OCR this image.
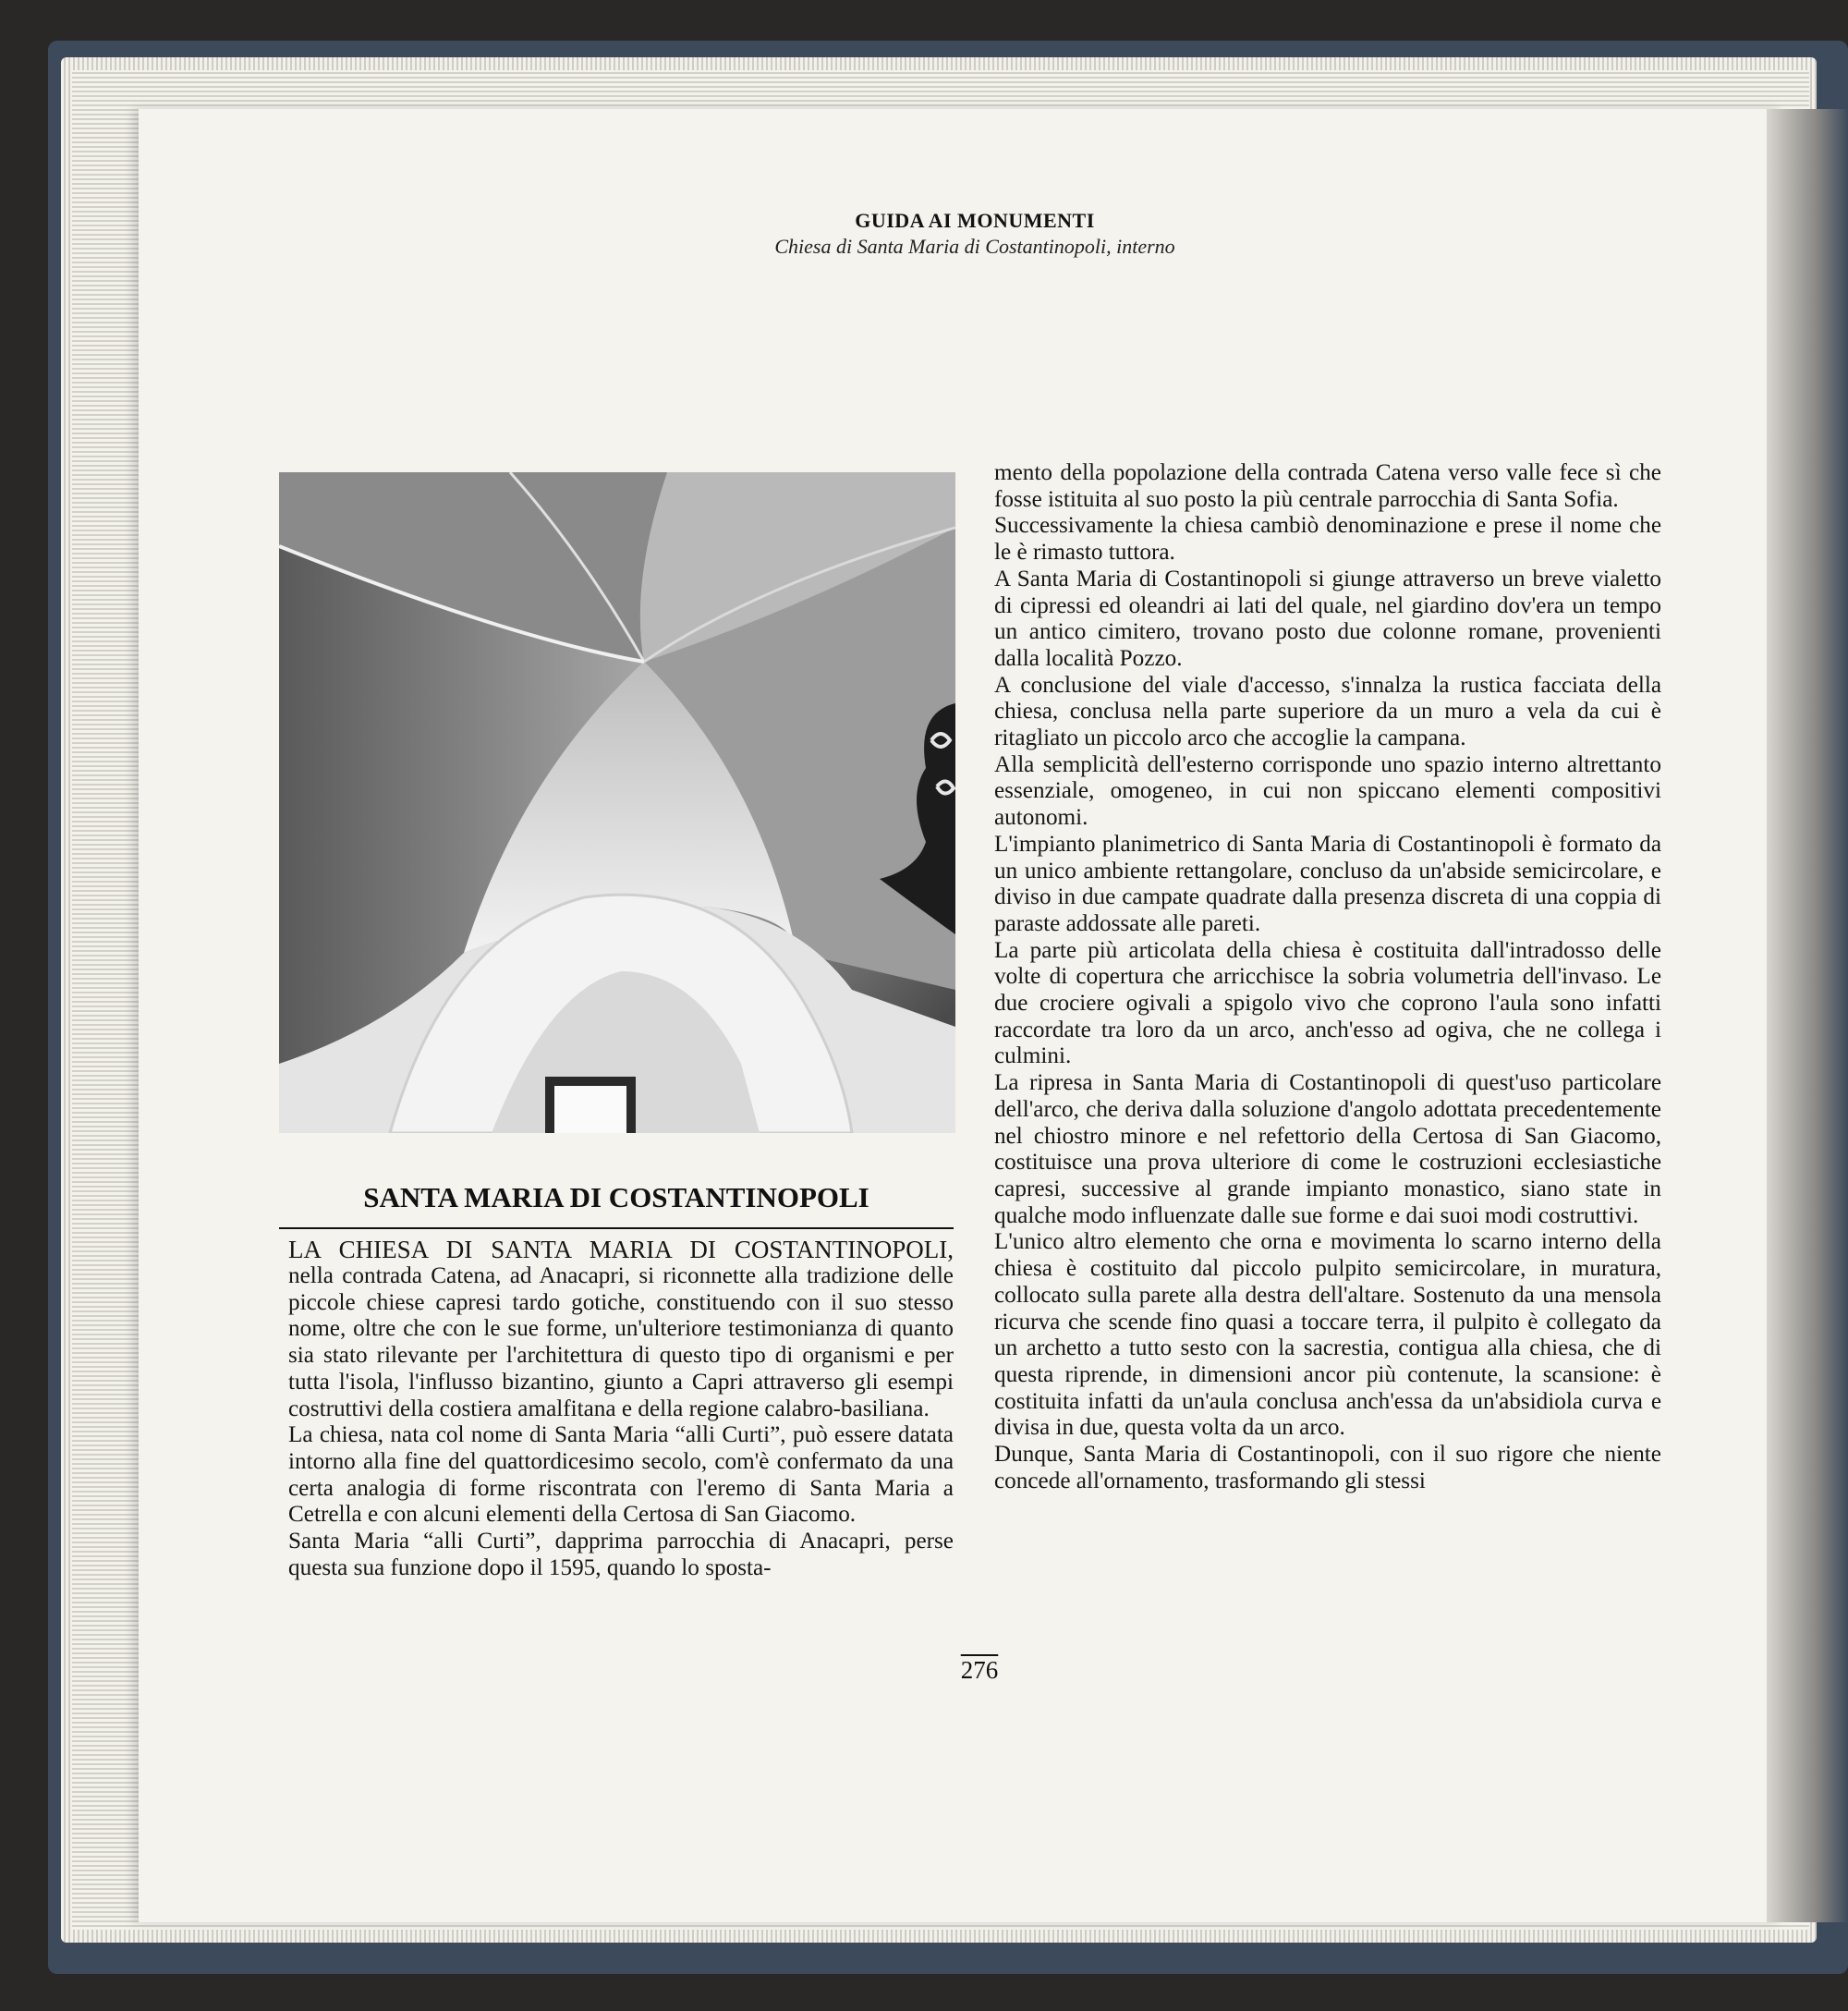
GUIDA AI MONUMENTI

Chiesa di Santa Maria di Costantinopoli, interno

SANTA MARIA DI COSTANTINOPOLI
LA CHIESA DI SANTA MARIA DI COSTANTINOPOLI,

nella contrada Catena, ad Anacapri, si riconnette alla tradizione delle piccole chiese capresi tardo gotiche, constituendo con il suo stesso nome, oltre che con le sue forme, un'ulteriore testimonianza di quanto sia stato rilevante per l'architettura di questo tipo di organismi e per tutta l'isola, l'influsso bizantino, giunto a Capri attraverso gli esempi costruttivi della costiera amalfitana e della regione calabro-basiliana.

La chiesa, nata col nome di Santa Maria “alli Curti”, può essere datata intorno alla fine del quattordicesimo secolo, com'è confermato da una certa analogia di forme riscontrata con l'eremo di Santa Maria a Cetrella e con alcuni elementi della Certosa di San Giacomo.

Santa Maria “alli Curti”, dapprima parrocchia di Anacapri, perse questa sua funzione dopo il 1595, quando lo sposta-

mento della popolazione della contrada Catena verso valle fece sì che fosse istituita al suo posto la più centrale parrocchia di Santa Sofia.

Successivamente la chiesa cambiò denominazione e prese il nome che le è rimasto tuttora.

A Santa Maria di Costantinopoli si giunge attraverso un breve vialetto di cipressi ed oleandri ai lati del quale, nel giardino dov'era un tempo un antico cimitero, trovano posto due colonne romane, provenienti dalla località Pozzo.

A conclusione del viale d'accesso, s'innalza la rustica facciata della chiesa, conclusa nella parte superiore da un muro a vela da cui è ritagliato un piccolo arco che accoglie la campana.

Alla semplicità dell'esterno corrisponde uno spazio interno altrettanto essenziale, omogeneo, in cui non spiccano elementi compositivi autonomi.

L'impianto planimetrico di Santa Maria di Costantinopoli è formato da un unico ambiente rettangolare, concluso da un'abside semicircolare, e diviso in due campate quadrate dalla presenza discreta di una coppia di paraste addossate alle pareti.

La parte più articolata della chiesa è costituita dall'intradosso delle volte di copertura che arricchisce la sobria volumetria dell'invaso. Le due crociere ogivali a spigolo vivo che coprono l'aula sono infatti raccordate tra loro da un arco, anch'esso ad ogiva, che ne collega i culmini.

La ripresa in Santa Maria di Costantinopoli di quest'uso particolare dell'arco, che deriva dalla soluzione d'angolo adottata precedentemente nel chiostro minore e nel refettorio della Certosa di San Giacomo, costituisce una prova ulteriore di come le costruzioni ecclesiastiche capresi, successive al grande impianto monastico, siano state in qualche modo influenzate dalle sue forme e dai suoi modi costruttivi.

L'unico altro elemento che orna e movimenta lo scarno interno della chiesa è costituito dal piccolo pulpito semicircolare, in muratura, collocato sulla parete alla destra dell'altare. Sostenuto da una mensola ricurva che scende fino quasi a toccare terra, il pulpito è collegato da un archetto a tutto sesto con la sacrestia, contigua alla chiesa, che di questa riprende, in dimensioni ancor più contenute, la scansione: è costituita infatti da un'aula conclusa anch'essa da un'absidiola curva e divisa in due, questa volta da un arco.

Dunque, Santa Maria di Costantinopoli, con il suo rigore che niente concede all'ornamento, trasformando gli stessi

276
